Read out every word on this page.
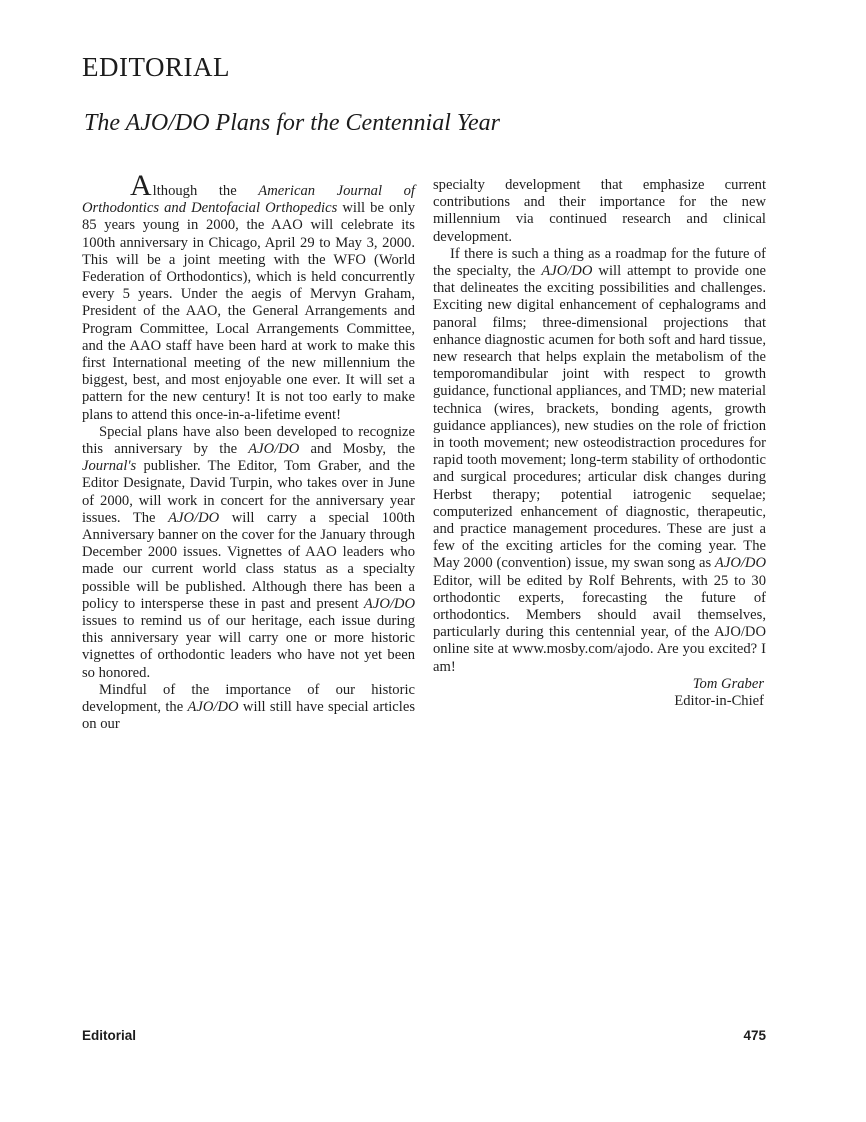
EDITORIAL
The AJO/DO Plans for the Centennial Year

Although the American Journal of Orthodontics and Dentofacial Orthopedics will be only 85 years young in 2000, the AAO will celebrate its 100th anniversary in Chicago, April 29 to May 3, 2000. This will be a joint meeting with the WFO (World Federation of Orthodontics), which is held concurrently every 5 years. Under the aegis of Mervyn Graham, President of the AAO, the General Arrangements and Program Committee, Local Arrangements Committee, and the AAO staff have been hard at work to make this first International meeting of the new millennium the biggest, best, and most enjoyable one ever. It will set a pattern for the new century! It is not too early to make plans to attend this once-in-a-lifetime event!

Special plans have also been developed to recognize this anniversary by the AJO/DO and Mosby, the Journal's publisher. The Editor, Tom Graber, and the Editor Designate, David Turpin, who takes over in June of 2000, will work in concert for the anniversary year issues. The AJO/DO will carry a special 100th Anniversary banner on the cover for the January through December 2000 issues. Vignettes of AAO leaders who made our current world class status as a specialty possible will be published. Although there has been a policy to intersperse these in past and present AJO/DO issues to remind us of our heritage, each issue during this anniversary year will carry one or more historic vignettes of orthodontic leaders who have not yet been so honored.

Mindful of the importance of our historic development, the AJO/DO will still have special articles on our

specialty development that emphasize current contributions and their importance for the new millennium via continued research and clinical development.

If there is such a thing as a roadmap for the future of the specialty, the AJO/DO will attempt to provide one that delineates the exciting possibilities and challenges. Exciting new digital enhancement of cephalograms and panoral films; three-dimensional projections that enhance diagnostic acumen for both soft and hard tissue, new research that helps explain the metabolism of the temporomandibular joint with respect to growth guidance, functional appliances, and TMD; new material technica (wires, brackets, bonding agents, growth guidance appliances), new studies on the role of friction in tooth movement; new osteodistraction procedures for rapid tooth movement; long-term stability of orthodontic and surgical procedures; articular disk changes during Herbst therapy; potential iatrogenic sequelae; computerized enhancement of diagnostic, therapeutic, and practice management procedures. These are just a few of the exciting articles for the coming year. The May 2000 (convention) issue, my swan song as AJO/DO Editor, will be edited by Rolf Behrents, with 25 to 30 orthodontic experts, forecasting the future of orthodontics. Members should avail themselves, particularly during this centennial year, of the AJO/DO online site at www.mosby.com/ajodo. Are you excited? I am!

Tom Graber
Editor-in-Chief
Editorial	475
